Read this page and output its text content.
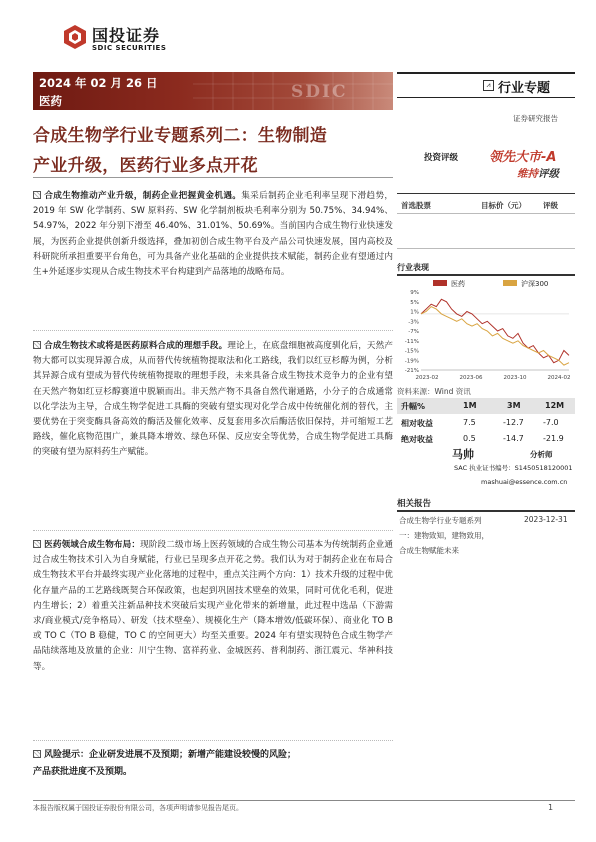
国投证券
SDIC SECURITIES
2024 年 02 月 26 日
医药	SDIC	⩘ 行业专题
证券研究报告
合成生物学行业专题系列二：生物制造
产业升级，医药行业多点开花	投资评级 领先大市-A
维持评级
合成生物推动产业升级，制药企业把握黄金机遇。集采后制药企业毛利率呈现下滑趋势，2019 年 SW 化学制药、SW 原料药、SW 化学制剂板块毛利率分别为 50.75%、34.94%、54.97%，2022 年分别下滑至 46.40%、31.01%、50.69%。当前国内合成生物行业快速发展，为医药企业提供创新升级选择，叠加初创合成生物平台及产品公司快速发展，国内高校及科研院所承担重要平台角色，可为具备产业化基础的企业提供技术赋能，制药企业有望通过内生+外延逐步实现从合成生物技术平台构建到产品落地的战略布局。
合成生物技术或将是医药原料合成的理想手段。理论上，在底盘细胞被高度驯化后，天然产物大都可以实现异源合成，从而替代传统植物提取法和化工路线，我们以红豆杉醇为例，分析其异源合成有望成为替代传统植物提取的理想手段，未来具备合成生物技术竞争力的企业有望在天然产物如红豆杉醇赛道中脱颖而出。非天然产物不具备自然代谢通路，小分子的合成通常以化学法为主导，合成生物学促进工具酶的突破有望实现对化学合成中传统催化剂的替代，主要优势在于突变酶具备高效的酶活及催化效率、反复套用多次后酶活依旧保持，并可缩短工艺路线，催化底物范围广，兼具降本增效、绿色环保、反应安全等优势，合成生物学促进工具酶的突破有望为原料药生产赋能。
医药领域合成生物布局：现阶段二级市场上医药领域的合成生物公司基本为传统制药企业通过合成生物技术引入为自身赋能，行业已呈现多点开花之势。我们认为对于制药企业在布局合成生物技术平台并最终实现产业化落地的过程中，重点关注两个方向：1）技术升级的过程中优化存量产品的工艺路线既契合环保政策，也起到巩固技术壁垒的效果，同时可优化毛利，促进内生增长；2）着重关注新品种技术突破后实现产业化带来的新增量，此过程中选品（下游需求/商业模式/竞争格局）、研发（技术壁垒）、规模化生产（降本增效/低碳环保）、商业化 TO B 或 TO C（TO B 稳健，TO C 的空间更大）均至关重要。2024 年有望实现特色合成生物学产品陆续落地及放量的企业：川宁生物、富祥药业、金城医药、普利制药、浙江震元、华神科技等。
风险提示：企业研发进展不及预期；新增产能建设较慢的风险；
产品获批进度不及预期。
首选股票	目标价（元） 评级
行业表现
医药	沪深300
9%
5%
1%
-3%
-7%
-11%
-15%
-19%
-21%
2023-02	2023-06	2023-10	2024-02
资料来源：Wind 资讯
升幅%	1M	3M	12M
相对收益	7.5	-12.7 -7.0
绝对收益	0.5	-14.7 -21.9
马帅	分析师
SAC 执业证书编号：S1450518120001
mashuai@essence.com.cn
相关报告
合成生物学行业专题系列	2023-12-31
一：建物致知，建物致用，
合成生物赋能未来
本报告版权属于国投证券股份有限公司，各项声明请参见报告尾页。	1
